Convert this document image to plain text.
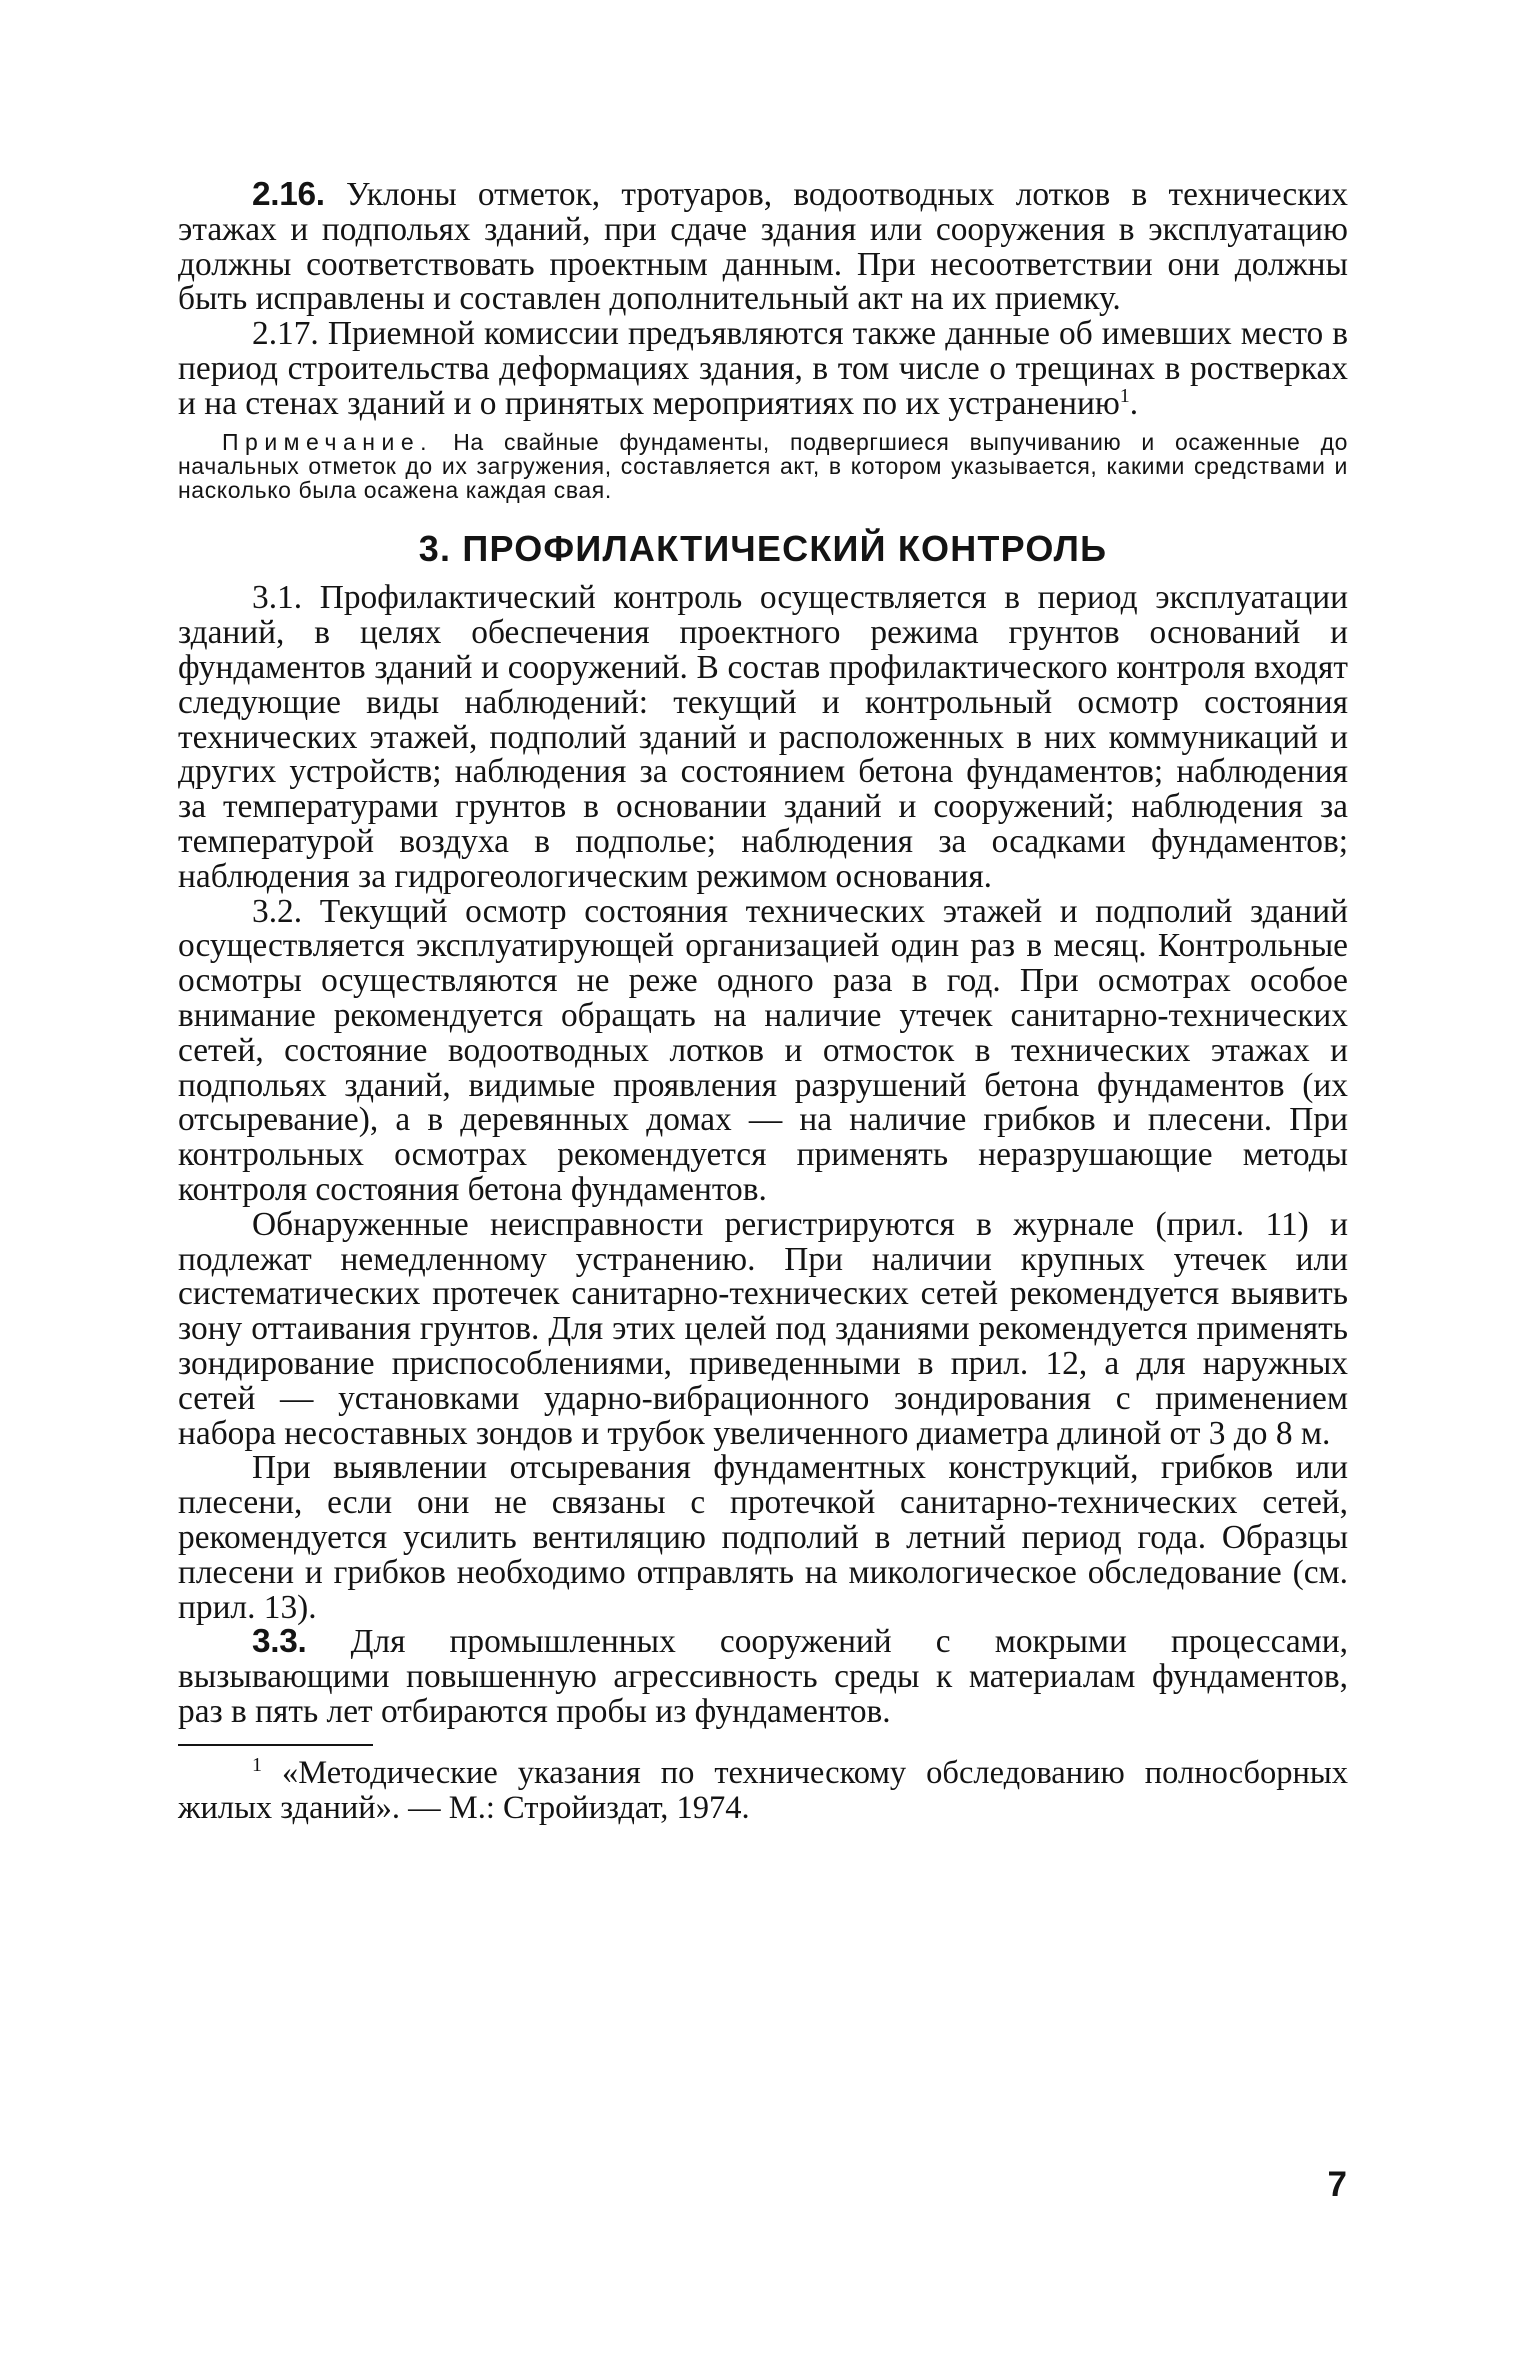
2.16. Уклоны отметок, тротуаров, водоотводных лотков в технических этажах и подпольях зданий, при сдаче здания или сооружения в эксплуатацию должны соответствовать проектным данным. При несоответствии они должны быть исправлены и составлен дополнительный акт на их приемку.

2.17. Приемной комиссии предъявляются также данные об имевших место в период строительства деформациях здания, в том числе о трещинах в ростверках и на стенах зданий и о принятых мероприятиях по их устранению$^1$.

Примечание. На свайные фундаменты, подвергшиеся выпучиванию и осаженные до начальных отметок до их загружения, составляется акт, в котором указывается, какими средствами и насколько была осажена каждая свая.

3. ПРОФИЛАКТИЧЕСКИЙ КОНТРОЛЬ

3.1. Профилактический контроль осуществляется в период эксплуатации зданий, в целях обеспечения проектного режима грунтов оснований и фундаментов зданий и сооружений. В состав профилактического контроля входят следующие виды наблюдений: текущий и контрольный осмотр состояния технических этажей, подполий зданий и расположенных в них коммуникаций и других устройств; наблюдения за состоянием бетона фундаментов; наблюдения за температурами грунтов в основании зданий и сооружений; наблюдения за температурой воздуха в подполье; наблюдения за осадками фундаментов; наблюдения за гидрогеологическим режимом основания.

3.2. Текущий осмотр состояния технических этажей и подполий зданий осуществляется эксплуатирующей организацией один раз в месяц. Контрольные осмотры осуществляются не реже одного раза в год. При осмотрах особое внимание рекомендуется обращать на наличие утечек санитарно-технических сетей, состояние водоотводных лотков и отмосток в технических этажах и подпольях зданий, видимые проявления разрушений бетона фундаментов (их отсыревание), а в деревянных домах — на наличие грибков и плесени. При контрольных осмотрах рекомендуется применять неразрушающие методы контроля состояния бетона фундаментов.

Обнаруженные неисправности регистрируются в журнале (прил. 11) и подлежат немедленному устранению. При наличии крупных утечек или систематических протечек санитарно-технических сетей рекомендуется выявить зону оттаивания грунтов. Для этих целей под зданиями рекомендуется применять зондирование приспособлениями, приведенными в прил. 12, а для наружных сетей — установками ударно-вибрационного зондирования с применением набора несоставных зондов и трубок увеличенного диаметра длиной от 3 до 8 м.

При выявлении отсыревания фундаментных конструкций, грибков или плесени, если они не связаны с протечкой санитарно-технических сетей, рекомендуется усилить вентиляцию подполий в летний период года. Образцы плесени и грибков необходимо отправлять на микологическое обследование (см. прил. 13).

3.3. Для промышленных сооружений с мокрыми процессами, вызывающими повышенную агрессивность среды к материалам фундаментов, раз в пять лет отбираются пробы из фундаментов.

$^1$ «Методические указания по техническому обследованию полносборных жилых зданий». — М.: Стройиздат, 1974.

7
